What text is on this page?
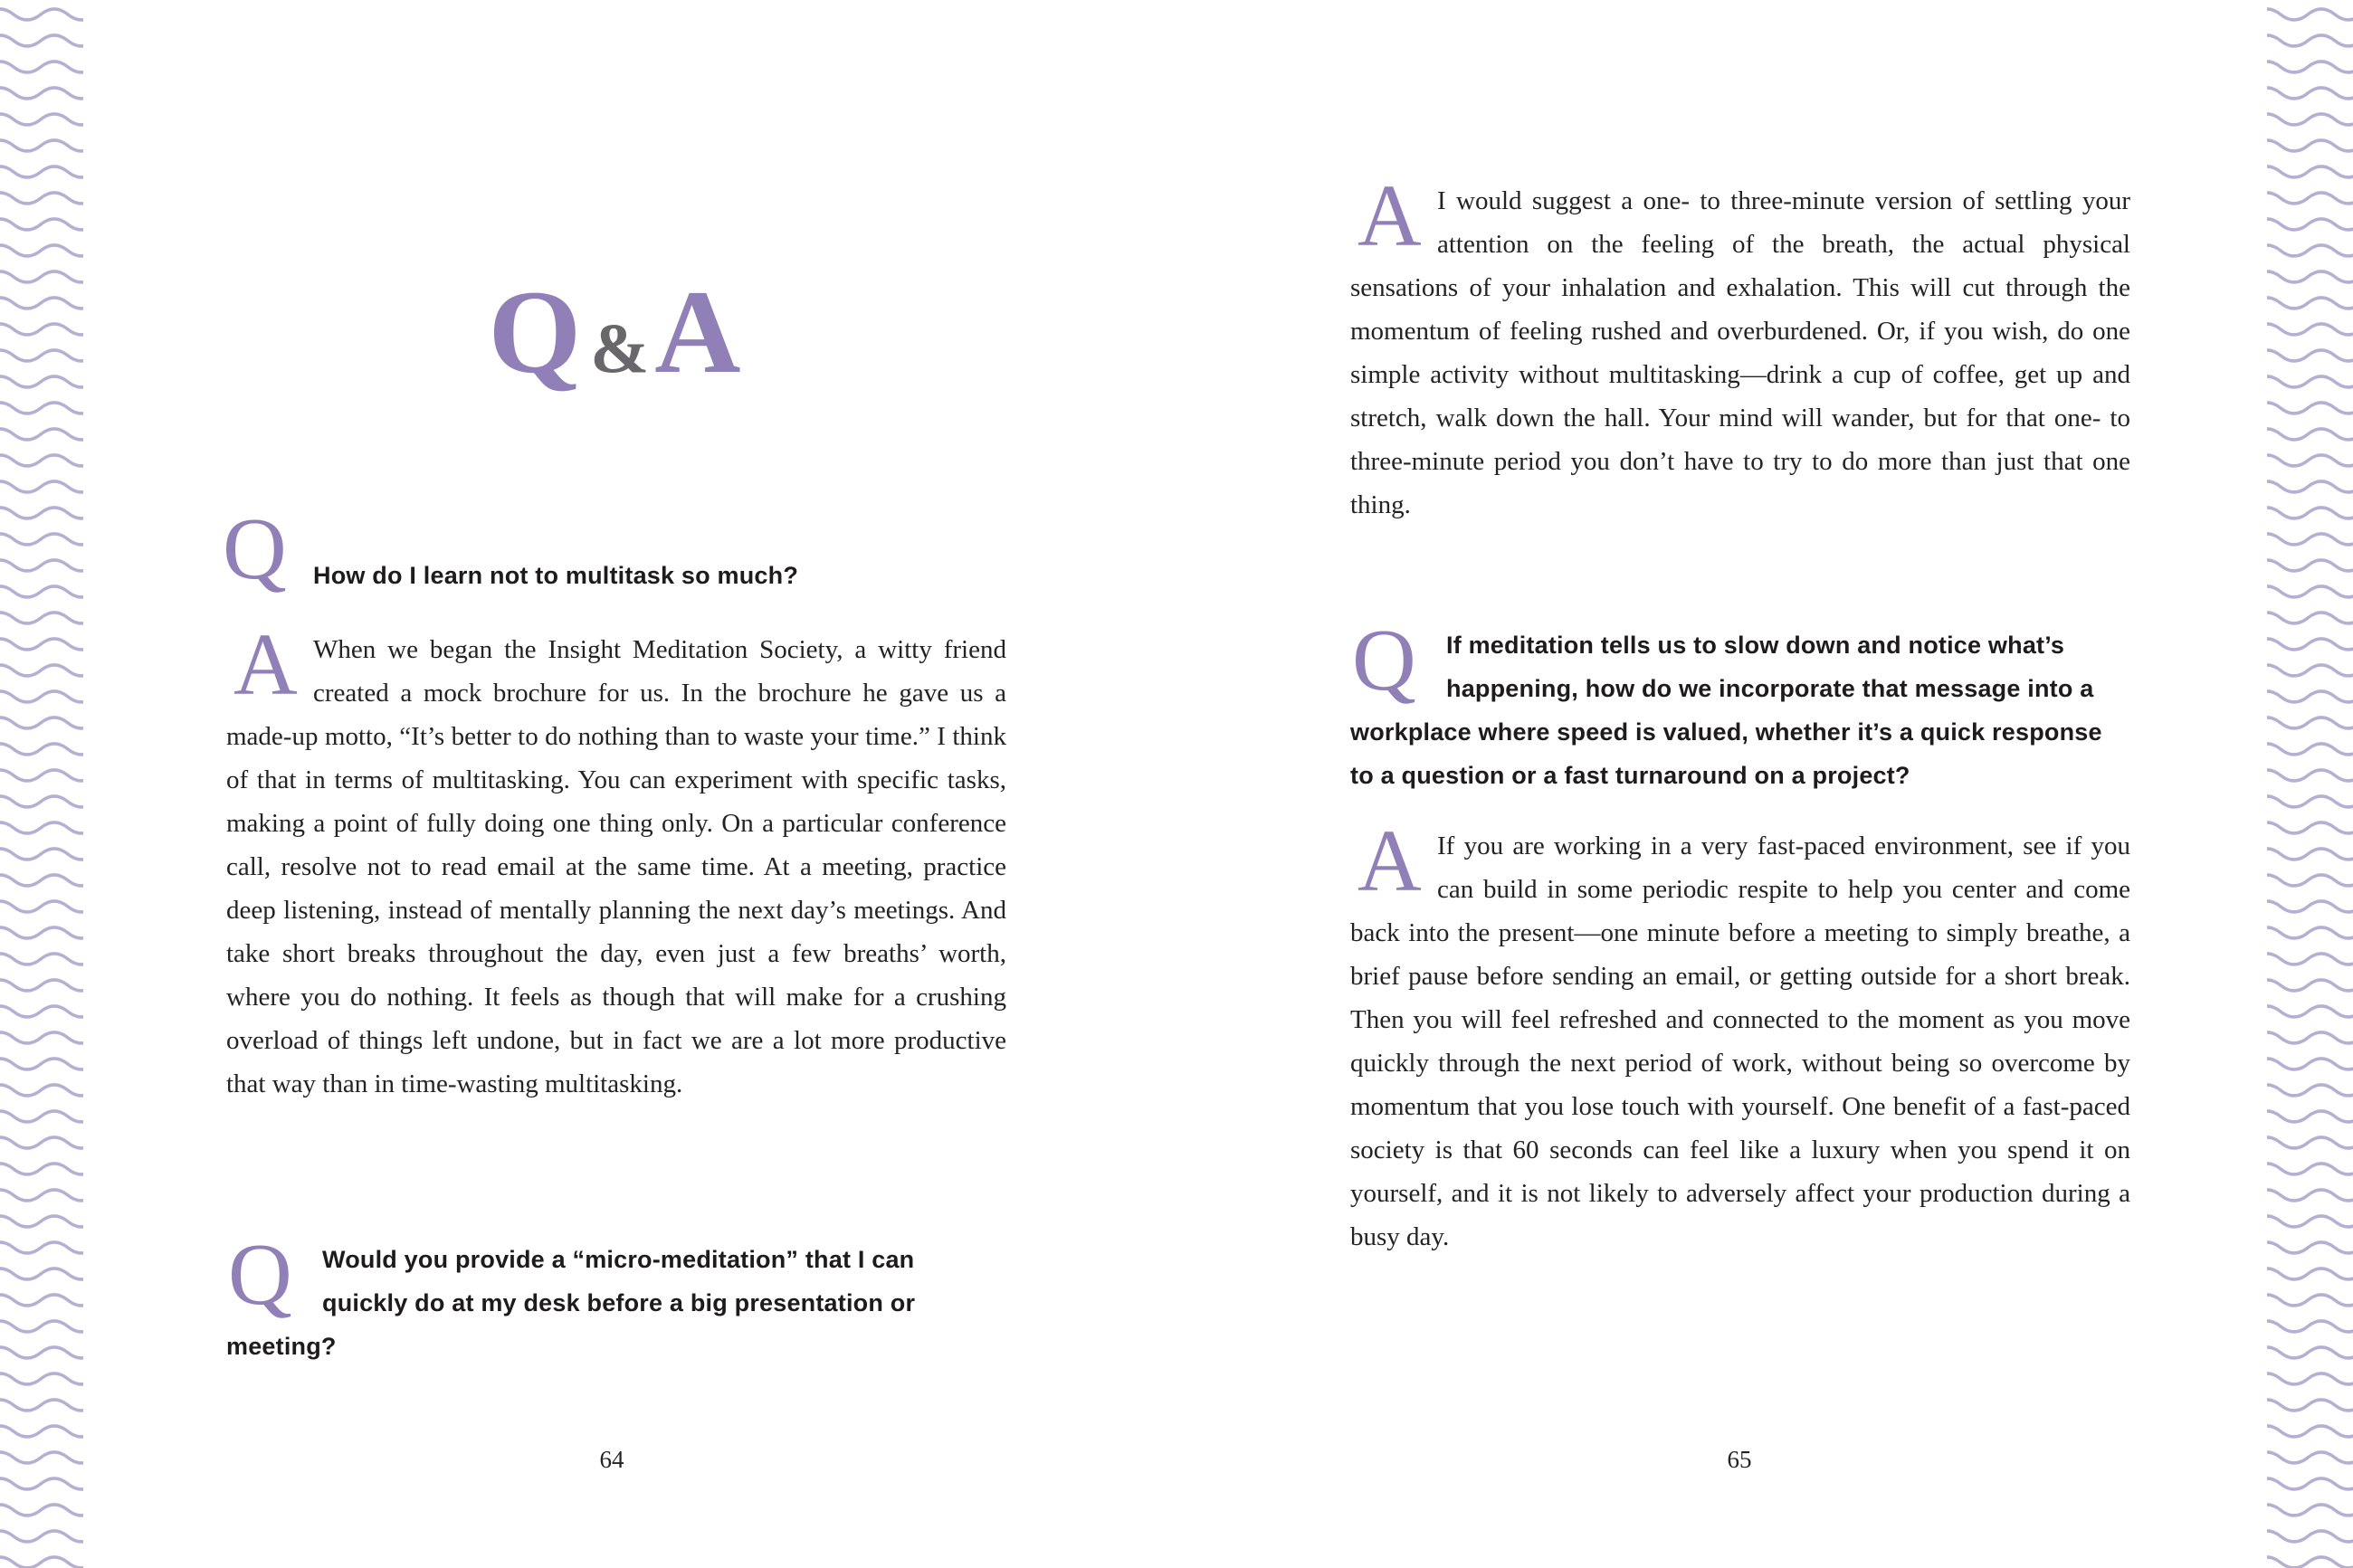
Q&A
Q How do I learn not to multitask so much?

A When we began the Insight Meditation Society, a witty friend created a mock brochure for us. In the brochure he gave us a made-up motto, “It’s better to do nothing than to waste your time.” I think of that in terms of multitasking. You can experiment with specific tasks, making a point of fully doing one thing only. On a particular conference call, resolve not to read email at the same time. At a meeting, practice deep listening, instead of mentally planning the next day’s meetings. And take short breaks throughout the day, even just a few breaths’ worth, where you do nothing. It feels as though that will make for a crushing overload of things left undone, but in fact we are a lot more productive that way than in time-wasting multitasking.

Q	Would you provide a “micro-meditation” that I can quickly do at my desk before a big presentation or meeting?

64

A I would suggest a one- to three-minute version of settling your attention on the feeling of the breath, the actual physical sensations of your inhalation and exhalation. This will cut through the momentum of feeling rushed and overburdened. Or, if you wish, do one simple activity without multitasking—drink a cup of coffee, get up and stretch, walk down the hall. Your mind will wander, but for that one- to three-minute period you don’t have to try to do more than just that one thing.

Q	If meditation tells us to slow down and notice what’s happening, how do we incorporate that message into a workplace where speed is valued, whether it’s a quick response to a question or a fast turnaround on a project?

A If you are working in a very fast-paced environment, see if you can build in some periodic respite to help you center and come back into the present—one minute before a meeting to simply breathe, a brief pause before sending an email, or getting outside for a short break. Then you will feel refreshed and connected to the moment as you move quickly through the next period of work, without being so overcome by momentum that you lose touch with yourself. One benefit of a fast-paced society is that 60 seconds can feel like a luxury when you spend it on yourself, and it is not likely to adversely affect your production during a busy day.

65
